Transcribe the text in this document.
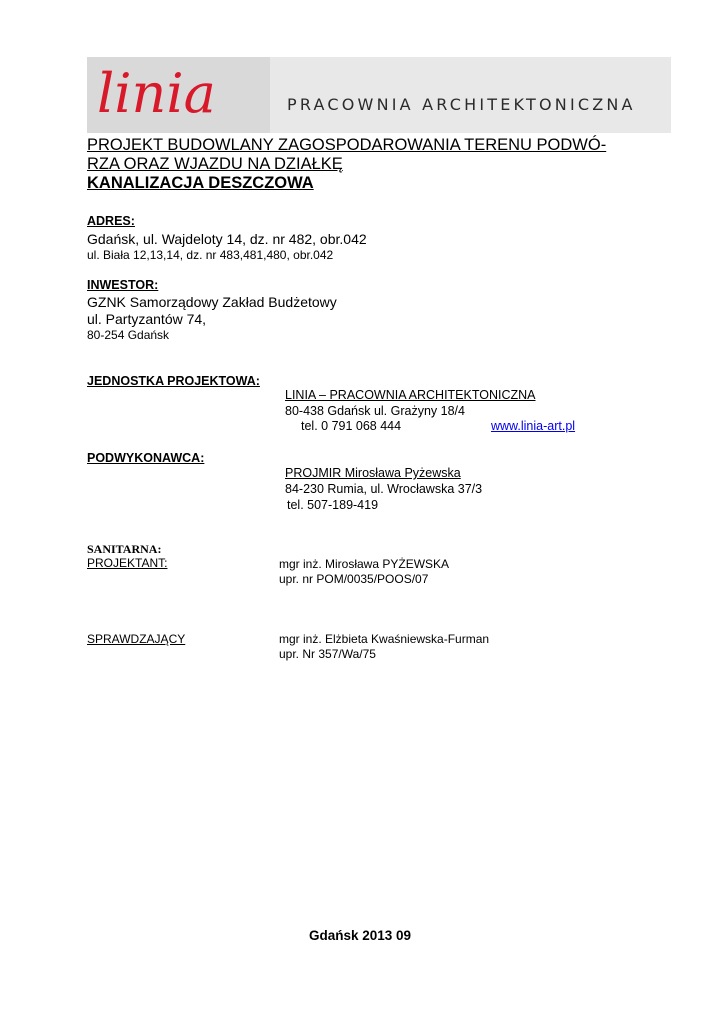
linia	PRACOWNIA ARCHITEKTONICZNA
PROJEKT BUDOWLANY ZAGOSPODAROWANIA TERENU PODWÓ-
RZA ORAZ WJAZDU NA DZIAŁKĘ
KANALIZACJA DESZCZOWA
ADRES:
Gdańsk, ul. Wajdeloty 14, dz. nr 482, obr.042
ul. Biała 12,13,14, dz. nr 483,481,480, obr.042
INWESTOR:
GZNK Samorządowy Zakład Budżetowy
ul. Partyzantów 74,
80-254 Gdańsk
JEDNOSTKA PROJEKTOWA:
LINIA – PRACOWNIA ARCHITEKTONICZNA
80-438 Gdańsk ul. Grażyny 18/4
tel. 0 791 068 444	www.linia-art.pl
PODWYKONAWCA:
PROJMIR Mirosława Pyżewska
84-230 Rumia, ul. Wrocławska 37/3
tel. 507-189-419
SANITARNA:
PROJEKTANT:	mgr inż. Mirosława PYŻEWSKA
upr. nr POM/0035/POOS/07
SPRAWDZAJĄCY	mgr inż. Elżbieta Kwaśniewska-Furman
upr. Nr 357/Wa/75
Gdańsk 2013 09
